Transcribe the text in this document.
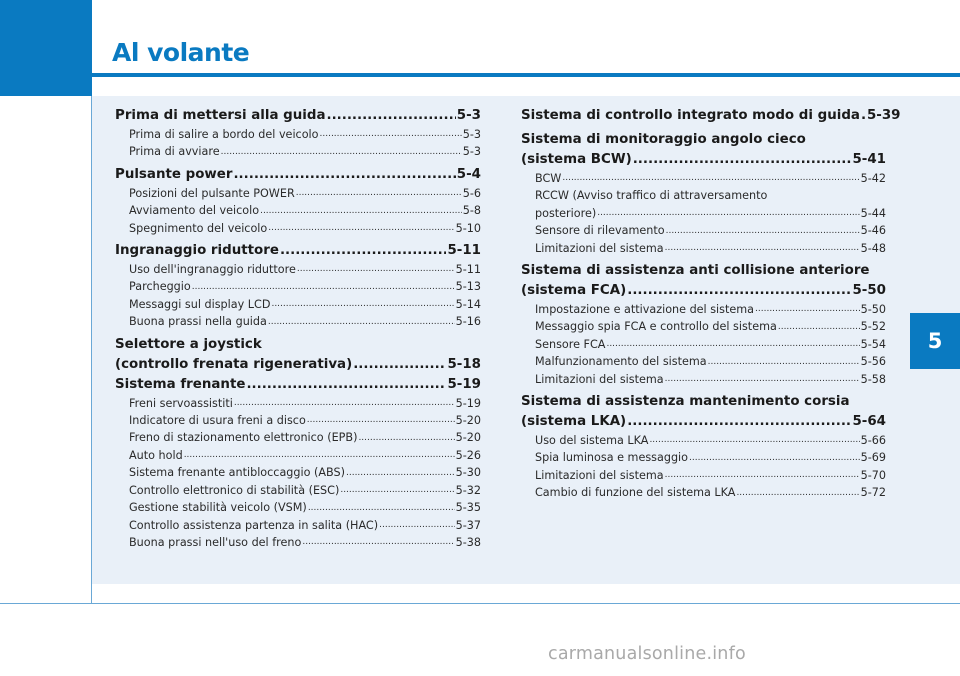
Al volante
5
Prima di mettersi alla guida .....	5-3
Prima di salire a bordo del veicolo .....	5-3
Prima di avviare .....	5-3
Pulsante power .....	5-4
Posizioni del pulsante POWER .....	5-6
Avviamento del veicolo .....	5-8
Spegnimento del veicolo .....	5-10
Ingranaggio riduttore .....	5-11
Uso dell'ingranaggio riduttore .....	5-11
Parcheggio .....	5-13
Messaggi sul display LCD .....	5-14
Buona prassi nella guida .....	5-16
Selettore a joystick
(controllo frenata rigenerativa) .....	5-18
Sistema frenante .....	5-19
Freni servoassistiti .....	5-19
Indicatore di usura freni a disco .....	5-20
Freno di stazionamento elettronico (EPB) .....	5-20
Auto hold .....	5-26
Sistema frenante antibloccaggio (ABS) .....	5-30
Controllo elettronico di stabilità (ESC) .....	5-32
Gestione stabilità veicolo (VSM) .....	5-35
Controllo assistenza partenza in salita (HAC) .....	5-37
Buona prassi nell'uso del freno .....	5-38
Sistema di controllo integrato modo di guida ..... 5-39
Sistema di monitoraggio angolo cieco
(sistema BCW) .....	5-41
BCW .....	5-42
RCCW (Avviso traffico di attraversamento
posteriore) .....	5-44
Sensore di rilevamento .....	5-46
Limitazioni del sistema .....	5-48
Sistema di assistenza anti collisione anteriore
(sistema FCA) .....	5-50
Impostazione e attivazione del sistema .....	5-50
Messaggio spia FCA e controllo del sistema .....	5-52
Sensore FCA .....	5-54
Malfunzionamento del sistema .....	5-56
Limitazioni del sistema .....	5-58
Sistema di assistenza mantenimento corsia
(sistema LKA) .....	5-64
Uso del sistema LKA .....	5-66
Spia luminosa e messaggio .....	5-69
Limitazioni del sistema .....	5-70
Cambio di funzione del sistema LKA .....	5-72
carmanualsonline.info
